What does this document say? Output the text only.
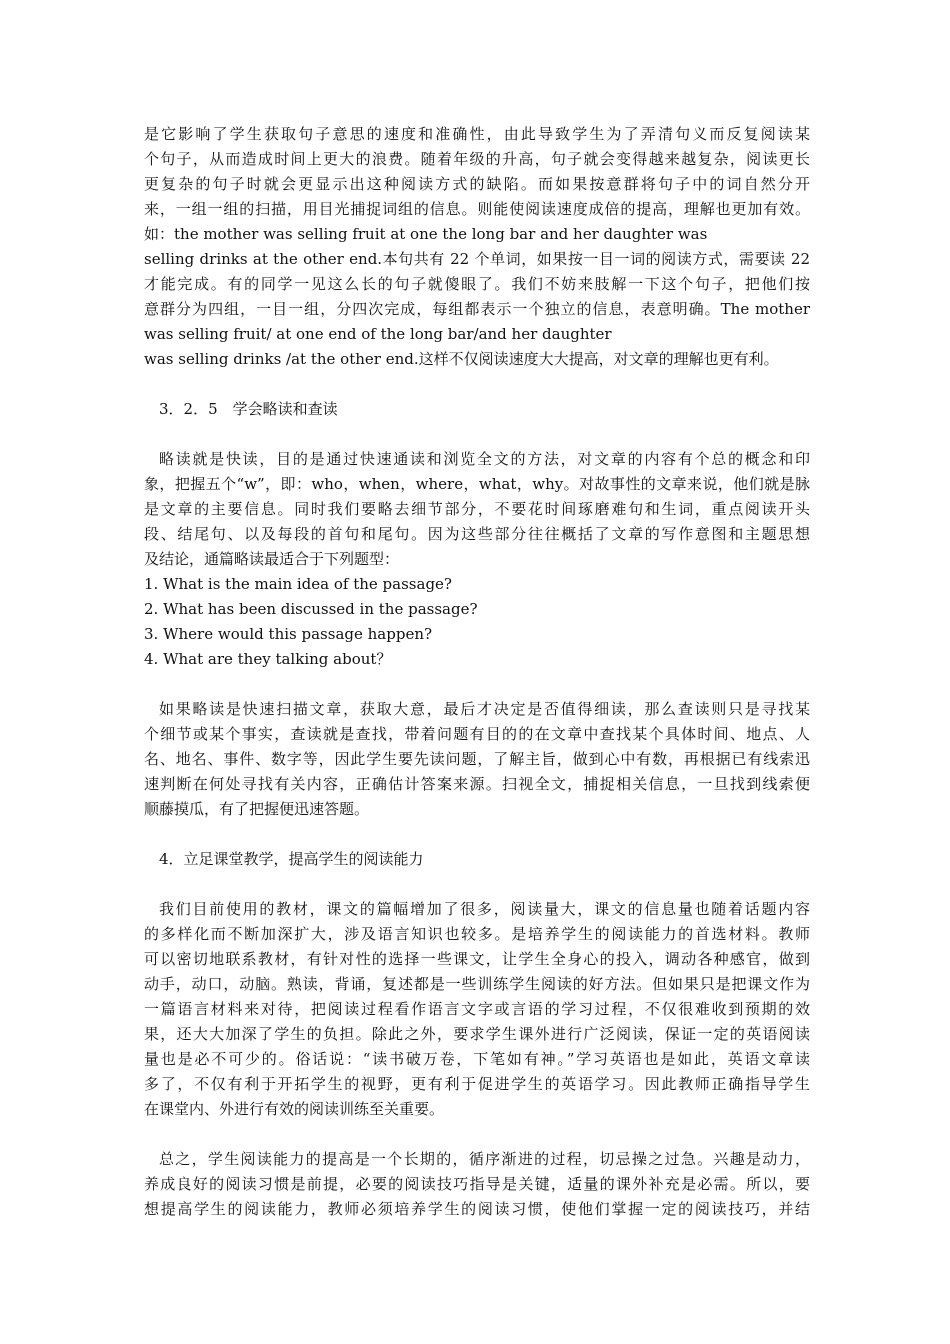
是它影响了学生获取句子意思的速度和准确性，由此导致学生为了弄清句义而反复阅读某
个句子，从而造成时间上更大的浪费。随着年级的升高，句子就会变得越来越复杂，阅读更长
更复杂的句子时就会更显示出这种阅读方式的缺陷。而如果按意群将句子中的词自然分开
来，一组一组的扫描，用目光捕捉词组的信息。则能使阅读速度成倍的提高，理解也更加有效。
如：the mother was selling fruit at one the long bar and her daughter was
selling drinks at the other end.本句共有 22 个单词，如果按一目一词的阅读方式，需要读 22
才能完成。有的同学一见这么长的句子就傻眼了。我们不妨来肢解一下这个句子，把他们按
意群分为四组，一目一组，分四次完成，每组都表示一个独立的信息，表意明确。The mother
was selling fruit/ at one end of the long bar/and her daughter
was selling drinks /at the other end.这样不仅阅读速度大大提高，对文章的理解也更有利。
3．2．5　学会略读和查读
略读就是快读，目的是通过快速通读和浏览全文的方法，对文章的内容有个总的概念和印
象，把握五个“w”，即：who，when，where，what，why。对故事性的文章来说，他们就是脉
是文章的主要信息。同时我们要略去细节部分，不要花时间琢磨难句和生词，重点阅读开头
段、结尾句、以及每段的首句和尾句。因为这些部分往往概括了文章的写作意图和主题思想
及结论，通篇略读最适合于下列题型：
1. What is the main idea of the passage?
2. What has been discussed in the passage?
3. Where would this passage happen?
4. What are they talking about？
如果略读是快速扫描文章，获取大意，最后才决定是否值得细读，那么查读则只是寻找某
个细节或某个事实，查读就是查找，带着问题有目的的在文章中查找某个具体时间、地点、人
名、地名、事件、数字等，因此学生要先读问题，了解主旨，做到心中有数，再根据已有线索迅
速判断在何处寻找有关内容，正确估计答案来源。扫视全文，捕捉相关信息，一旦找到线索便
顺藤摸瓜，有了把握便迅速答题。
4．立足课堂教学，提高学生的阅读能力
我们目前使用的教材，课文的篇幅增加了很多，阅读量大，课文的信息量也随着话题内容
的多样化而不断加深扩大，涉及语言知识也较多。是培养学生的阅读能力的首选材料。教师
可以密切地联系教材，有针对性的选择一些课文，让学生全身心的投入，调动各种感官，做到
动手，动口，动脑。熟读，背诵，复述都是一些训练学生阅读的好方法。但如果只是把课文作为
一篇语言材料来对待，把阅读过程看作语言文字或言语的学习过程，不仅很难收到预期的效
果，还大大加深了学生的负担。除此之外，要求学生课外进行广泛阅读，保证一定的英语阅读
量也是必不可少的。俗话说：“读书破万卷，下笔如有神。”学习英语也是如此，英语文章读
多了，不仅有利于开拓学生的视野，更有利于促进学生的英语学习。因此教师正确指导学生
在课堂内、外进行有效的阅读训练至关重要。
总之，学生阅读能力的提高是一个长期的，循序渐进的过程，切忌操之过急。兴趣是动力，
养成良好的阅读习惯是前提，必要的阅读技巧指导是关键，适量的课外补充是必需。所以，要
想提高学生的阅读能力，教师必须培养学生的阅读习惯，使他们掌握一定的阅读技巧，并结
